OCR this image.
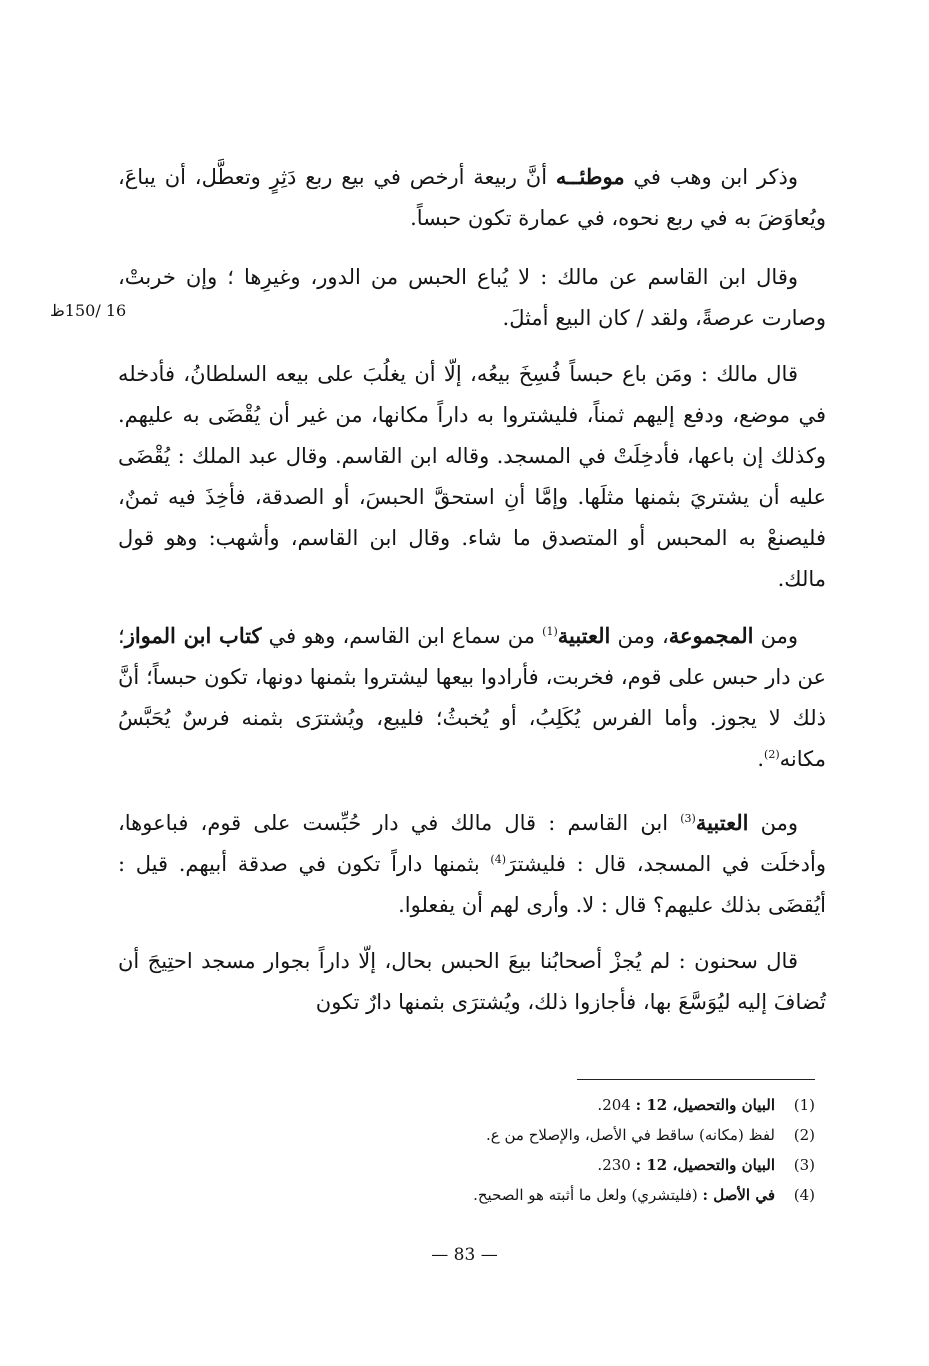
وذكر ابن وهب في موطئــه أنَّ ربيعة أرخص في بيع ربع دَثِرٍ وتعطَّل، أن يباعَ، ويُعاوَضَ به في ربع نحوه، في عمارة تكون حبساً.

وقال ابن القاسم عن مالك : لا يُباع الحبس من الدور، وغيرِها ؛ وإن خربتْ، وصارت عرصةً، ولقد / كان البيع أمثلَ.

16 /150ظ

قال مالك : ومَن باع حبساً فُسِخَ بيعُه، إلّا أن يغلُبَ على بيعه السلطانُ، فأدخله في موضع، ودفع إليهم ثمناً، فليشتروا به داراً مكانها، من غير أن يُقْضَى به عليهم. وكذلك إن باعها، فأدخِلَتْ في المسجد. وقاله ابن القاسم. وقال عبد الملك : يُقْضَى عليه أن يشتريَ بثمنها مثلَها. وإمَّا أنِ استحقَّ الحبسَ، أو الصدقة، فأخِذَ فيه ثمنٌ، فليصنعْ به المحبس أو المتصدق ما شاء. وقال ابن القاسم، وأشهب: وهو قول مالك.

ومن المجموعة، ومن العتبية$^{(1)}$ من سماع ابن القاسم، وهو في كتاب ابن المواز؛ عن دار حبس على قوم، فخربت، فأرادوا بيعها ليشتروا بثمنها دونها، تكون حبساً؛ أنَّ ذلك لا يجوز. وأما الفرس يُكَلِبُ، أو يُخبثُ؛ فليبع، ويُشترَى بثمنه فرسٌ يُحَبَّسُ مكانه$^{(2)}$.

ومن العتبية$^{(3)}$ ابن القاسم : قال مالك في دار حُبِّست على قوم، فباعوها، وأدخلَت في المسجد، قال : فليشترَ$^{(4)}$ بثمنها داراً تكون في صدقة أبيهم. قيل : أيُقضَى بذلك عليهم؟ قال : لا. وأرى لهم أن يفعلوا.

قال سحنون : لم يُجزْ أصحابُنا بيعَ الحبس بحال، إلّا داراً بجوار مسجد احتِيجَ أن تُضافَ إليه ليُوَسَّعَ بها، فأجازوا ذلك، ويُشترَى بثمنها دارٌ تكون

(1)
البيان والتحصيل، 12 : 204.
(2)
لفظ (مكانه) ساقط في الأصل، والإصلاح من ع.
(3)
البيان والتحصيل، 12 : 230.
(4)
في الأصل : (فليتشري) ولعل ما أثبته هو الصحيح.
— 83 —
